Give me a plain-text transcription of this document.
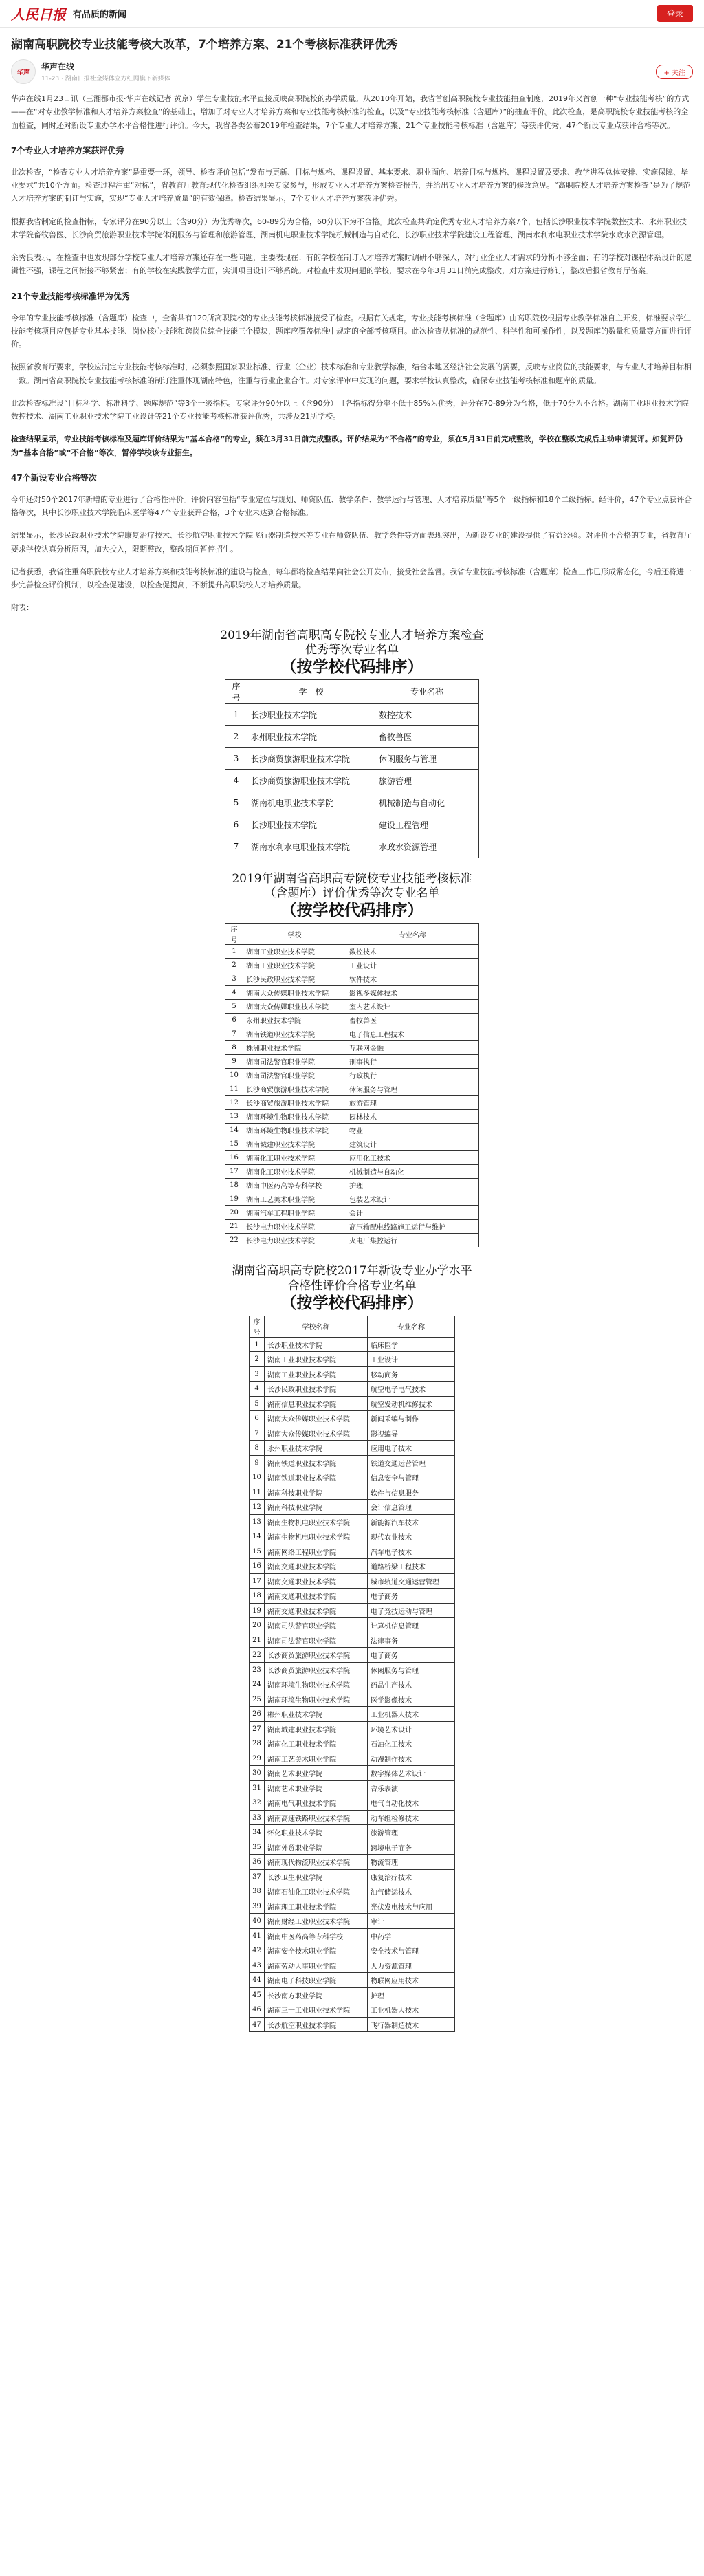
人民日报 有品质的新闻	登录
湖南高职院校专业技能考核大改革，7个培养方案、21个考核标准获评优秀
华声
华声在线
11-23 · 湖南日报社全媒体立方红网旗下新媒体
+ 关注

华声在线1月23日讯（三湘都市报·华声在线记者 黄京）学生专业技能水平直接反映高职院校的办学质量。从2010年开始，我省首创高职院校专业技能抽查制度，2019年又首创一种“专业技能考核”的方式——在“对专业教学标准和人才培养方案检查”的基础上，增加了对专业人才培养方案和专业技能考核标准的检查，以及“专业技能考核标准（含题库）”的抽查评价。此次检查，是高职院校专业技能考核的全面检查，同时还对新设专业办学水平合格性进行评价。今天，我省各类公布2019年检查结果，7个专业人才培养方案、21个专业技能考核标准（含题库）等获评优秀，47个新设专业点获评合格等次。

7个专业人才培养方案获评优秀

此次检查，“检查专业人才培养方案”是重要一环，领导、检查评价包括“发布与更新、目标与规格、课程设置、基本要求、职业面向、培养目标与规格、课程设置及要求、教学进程总体安排、实施保障、毕业要求”共10个方面。检查过程注重“对标”，省教育厅教育现代化检查组织相关专家参与，形成专业人才培养方案检查报告，并给出专业人才培养方案的修改意见。“高职院校人才培养方案检查”是为了规范人才培养方案的制订与实施，实现“专业人才培养质量”的有效保障。检查结果显示，7个专业人才培养方案获评优秀。

根据我省制定的检查指标，专家评分在90分以上（含90分）为优秀等次，60-89分为合格，60分以下为不合格。此次检查共确定优秀专业人才培养方案7个，包括长沙职业技术学院数控技术、永州职业技术学院畜牧兽医、长沙商贸旅游职业技术学院休闲服务与管理和旅游管理、湖南机电职业技术学院机械制造与自动化、长沙职业技术学院建设工程管理、湖南水利水电职业技术学院水政水资源管理。

余秀良表示，在检查中也发现部分学校专业人才培养方案还存在一些问题，主要表现在：有的学校在制订人才培养方案时调研不够深入，对行业企业人才需求的分析不够全面；有的学校对课程体系设计的逻辑性不强，课程之间衔接不够紧密；有的学校在实践教学方面，实训项目设计不够系统。对检查中发现问题的学校，要求在今年3月31日前完成整改，对方案进行修订，整改后报省教育厅备案。

21个专业技能考核标准评为优秀

今年的专业技能考核标准（含题库）检查中，全省共有120所高职院校的专业技能考核标准接受了检查。根据有关规定，专业技能考核标准（含题库）由高职院校根据专业教学标准自主开发，标准要求学生技能考核项目应包括专业基本技能、岗位核心技能和跨岗位综合技能三个模块，题库应覆盖标准中规定的全部考核项目。此次检查从标准的规范性、科学性和可操作性，以及题库的数量和质量等方面进行评价。

按照省教育厅要求，学校应制定专业技能考核标准时，必须参照国家职业标准、行业（企业）技术标准和专业教学标准，结合本地区经济社会发展的需要，反映专业岗位的技能要求，与专业人才培养目标相一致。湖南省高职院校专业技能考核标准的制订注重体现湖南特色，注重与行业企业合作。对专家评审中发现的问题，要求学校认真整改，确保专业技能考核标准和题库的质量。

此次检查标准设“目标科学、标准科学、题库规范”等3个一级指标。专家评分90分以上（含90分）且各指标得分率不低于85%为优秀，评分在70-89分为合格，低于70分为不合格。湖南工业职业技术学院数控技术、湖南工业职业技术学院工业设计等21个专业技能考核标准获评优秀，共涉及21所学校。

检查结果显示，专业技能考核标准及题库评价结果为“基本合格”的专业，须在3月31日前完成整改。评价结果为“不合格”的专业，须在5月31日前完成整改，学校在整改完成后主动申请复评。如复评仍为“基本合格”或“不合格”等次，暂停学校该专业招生。

47个新设专业合格等次

今年还对50个2017年新增的专业进行了合格性评价。评价内容包括“专业定位与规划、师资队伍、教学条件、教学运行与管理、人才培养质量”等5个一级指标和18个二级指标。经评价，47个专业点获评合格等次，其中长沙职业技术学院临床医学等47个专业获评合格，3个专业未达到合格标准。

结果显示，长沙民政职业技术学院康复治疗技术、长沙航空职业技术学院飞行器制造技术等专业在师资队伍、教学条件等方面表现突出，为新设专业的建设提供了有益经验。对评价不合格的专业，省教育厅要求学校认真分析原因，加大投入，限期整改，整改期间暂停招生。

记者获悉，我省注重高职院校专业人才培养方案和技能考核标准的建设与检查，每年都将检查结果向社会公开发布，接受社会监督。我省专业技能考核标准（含题库）检查工作已形成常态化，今后还将进一步完善检查评价机制，以检查促建设，以检查促提高，不断提升高职院校人才培养质量。

附表：

2019年湖南省高职高专院校专业人才培养方案检查
优秀等次专业名单
（按学校代码排序）
序号	学　校	专业名称
1	长沙职业技术学院	数控技术
2	永州职业技术学院	畜牧兽医
3	长沙商贸旅游职业技术学院	休闲服务与管理
4	长沙商贸旅游职业技术学院	旅游管理
5	湖南机电职业技术学院	机械制造与自动化
6	长沙职业技术学院	建设工程管理
7	湖南水利水电职业技术学院	水政水资源管理
2019年湖南省高职高专院校专业技能考核标准
（含题库）评价优秀等次专业名单
（按学校代码排序）
序号	学校	专业名称
1	湖南工业职业技术学院	数控技术
2	湖南工业职业技术学院	工业设计
3	长沙民政职业技术学院	软件技术
4	湖南大众传媒职业技术学院	影视多媒体技术
5	湖南大众传媒职业技术学院	室内艺术设计
6	永州职业技术学院	畜牧兽医
7	湖南铁道职业技术学院	电子信息工程技术
8	株洲职业技术学院	互联网金融
9	湖南司法警官职业学院	刑事执行
10	湖南司法警官职业学院	行政执行
11	长沙商贸旅游职业技术学院	休闲服务与管理
12	长沙商贸旅游职业技术学院	旅游管理
13	湖南环境生物职业技术学院	园林技术
14	湖南环境生物职业技术学院	物业
15	湖南城建职业技术学院	建筑设计
16	湖南化工职业技术学院	应用化工技术
17	湖南化工职业技术学院	机械制造与自动化
18	湖南中医药高等专科学校	护理
19	湖南工艺美术职业学院	包装艺术设计
20	湖南汽车工程职业学院	会计
21	长沙电力职业技术学院	高压输配电线路施工运行与维护
22	长沙电力职业技术学院	火电厂集控运行
湖南省高职高专院校2017年新设专业办学水平
合格性评价合格专业名单
（按学校代码排序）
序号	学校名称	专业名称
1	长沙职业技术学院	临床医学
2	湖南工业职业技术学院	工业设计
3	湖南工业职业技术学院	移动商务
4	长沙民政职业技术学院	航空电子电气技术
5	湖南信息职业技术学院	航空发动机维修技术
6	湖南大众传媒职业技术学院	新闻采编与制作
7	湖南大众传媒职业技术学院	影视编导
8	永州职业技术学院	应用电子技术
9	湖南铁道职业技术学院	铁道交通运营管理
10	湖南铁道职业技术学院	信息安全与管理
11	湖南科技职业学院	软件与信息服务
12	湖南科技职业学院	会计信息管理
13	湖南生物机电职业技术学院	新能源汽车技术
14	湖南生物机电职业技术学院	现代农业技术
15	湖南网络工程职业学院	汽车电子技术
16	湖南交通职业技术学院	道路桥梁工程技术
17	湖南交通职业技术学院	城市轨道交通运营管理
18	湖南交通职业技术学院	电子商务
19	湖南交通职业技术学院	电子竞技运动与管理
20	湖南司法警官职业学院	计算机信息管理
21	湖南司法警官职业学院	法律事务
22	长沙商贸旅游职业技术学院	电子商务
23	长沙商贸旅游职业技术学院	休闲服务与管理
24	湖南环境生物职业技术学院	药品生产技术
25	湖南环境生物职业技术学院	医学影像技术
26	郴州职业技术学院	工业机器人技术
27	湖南城建职业技术学院	环境艺术设计
28	湖南化工职业技术学院	石油化工技术
29	湖南工艺美术职业学院	动漫制作技术
30	湖南艺术职业学院	数字媒体艺术设计
31	湖南艺术职业学院	音乐表演
32	湖南电气职业技术学院	电气自动化技术
33	湖南高速铁路职业技术学院	动车组检修技术
34	怀化职业技术学院	旅游管理
35	湖南外贸职业学院	跨境电子商务
36	湖南现代物流职业技术学院	物流管理
37	长沙卫生职业学院	康复治疗技术
38	湖南石油化工职业技术学院	油气储运技术
39	湖南理工职业技术学院	光伏发电技术与应用
40	湖南财经工业职业技术学院	审计
41	湖南中医药高等专科学校	中药学
42	湖南安全技术职业学院	安全技术与管理
43	湖南劳动人事职业学院	人力资源管理
44	湖南电子科技职业学院	物联网应用技术
45	长沙南方职业学院	护理
46	湖南三一工业职业技术学院	工业机器人技术
47	长沙航空职业技术学院	飞行器制造技术
